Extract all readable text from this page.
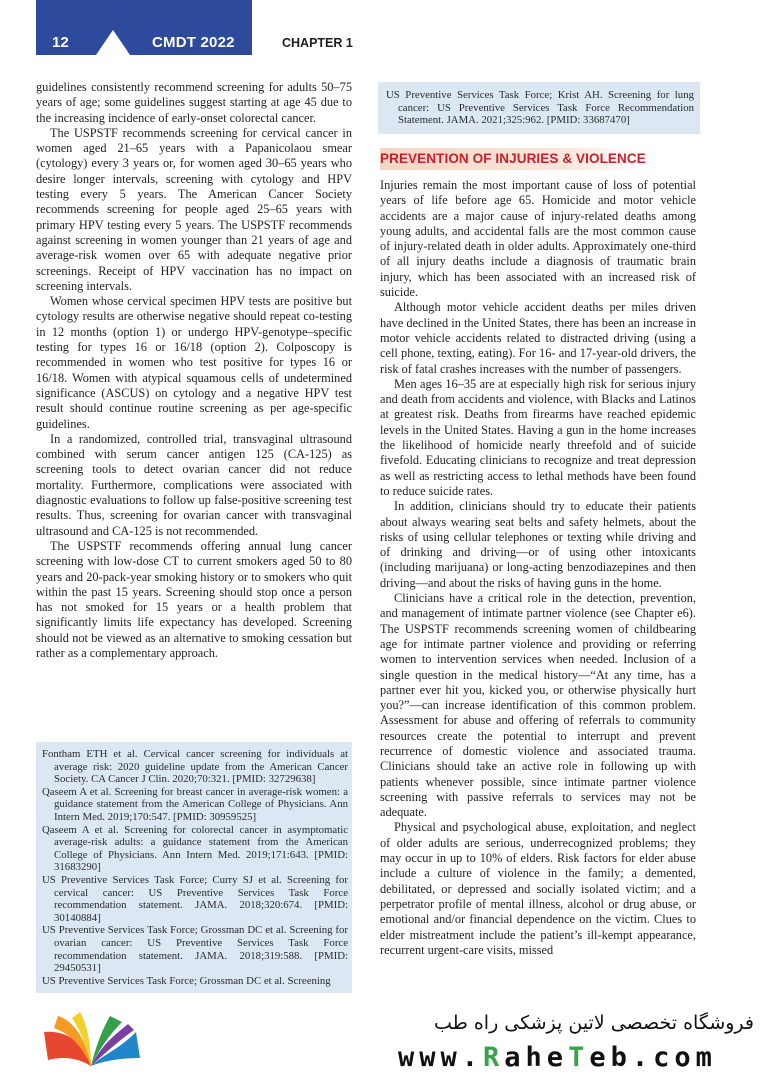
12	CMDT 2022	CHAPTER 1

guidelines consistently recommend screening for adults 50–75 years of age; some guidelines suggest starting at age 45 due to the increasing incidence of early-onset colorectal cancer.

The USPSTF recommends screening for cervical cancer in women aged 21–65 years with a Papanicolaou smear (cytology) every 3 years or, for women aged 30–65 years who desire longer intervals, screening with cytology and HPV testing every 5 years. The American Cancer Society recommends screening for people aged 25–65 years with primary HPV testing every 5 years. The USPSTF recommends against screening in women younger than 21 years of age and average-risk women over 65 with adequate negative prior screenings. Receipt of HPV vaccination has no impact on screening intervals.

Women whose cervical specimen HPV tests are positive but cytology results are otherwise negative should repeat co-testing in 12 months (option 1) or undergo HPV-genotype–specific testing for types 16 or 16/18 (option 2). Colposcopy is recommended in women who test positive for types 16 or 16/18. Women with atypical squamous cells of undetermined significance (ASCUS) on cytology and a negative HPV test result should continue routine screening as per age-specific guidelines.

In a randomized, controlled trial, transvaginal ultrasound combined with serum cancer antigen 125 (CA-125) as screening tools to detect ovarian cancer did not reduce mortality. Furthermore, complications were associated with diagnostic evaluations to follow up false-positive screening test results. Thus, screening for ovarian cancer with transvaginal ultrasound and CA-125 is not recommended.

The USPSTF recommends offering annual lung cancer screening with low-dose CT to current smokers aged 50 to 80 years and 20-pack-year smoking history or to smokers who quit within the past 15 years. Screening should stop once a person has not smoked for 15 years or a health problem that significantly limits life expectancy has developed. Screening should not be viewed as an alternative to smoking cessation but rather as a complementary approach.

Fontham ETH et al. Cervical cancer screening for individuals at average risk: 2020 guideline update from the American Cancer Society. CA Cancer J Clin. 2020;70:321. [PMID: 32729638]

Qaseem A et al. Screening for breast cancer in average-risk women: a guidance statement from the American College of Physicians. Ann Intern Med. 2019;170:547. [PMID: 30959525]

Qaseem A et al. Screening for colorectal cancer in asymptomatic average-risk adults: a guidance statement from the American College of Physicians. Ann Intern Med. 2019;171:643. [PMID: 31683290]

US Preventive Services Task Force; Curry SJ et al. Screening for cervical cancer: US Preventive Services Task Force recommendation statement. JAMA. 2018;320:674. [PMID: 30140884]

US Preventive Services Task Force; Grossman DC et al. Screening for ovarian cancer: US Preventive Services Task Force recommendation statement. JAMA. 2018;319:588. [PMID: 29450531]

US Preventive Services Task Force; Grossman DC et al. Screening

US Preventive Services Task Force; Krist AH. Screening for lung cancer: US Preventive Services Task Force Recommendation Statement. JAMA. 2021;325:962. [PMID: 33687470]

PREVENTION OF INJURIES & VIOLENCE

Injuries remain the most important cause of loss of potential years of life before age 65. Homicide and motor vehicle accidents are a major cause of injury-related deaths among young adults, and accidental falls are the most common cause of injury-related death in older adults. Approximately one-third of all injury deaths include a diagnosis of traumatic brain injury, which has been associated with an increased risk of suicide.

Although motor vehicle accident deaths per miles driven have declined in the United States, there has been an increase in motor vehicle accidents related to distracted driving (using a cell phone, texting, eating). For 16- and 17-year-old drivers, the risk of fatal crashes increases with the number of passengers.

Men ages 16–35 are at especially high risk for serious injury and death from accidents and violence, with Blacks and Latinos at greatest risk. Deaths from firearms have reached epidemic levels in the United States. Having a gun in the home increases the likelihood of homicide nearly threefold and of suicide fivefold. Educating clinicians to recognize and treat depression as well as restricting access to lethal methods have been found to reduce suicide rates.

In addition, clinicians should try to educate their patients about always wearing seat belts and safety helmets, about the risks of using cellular telephones or texting while driving and of drinking and driving—or of using other intoxicants (including marijuana) or long-acting benzodiazepines and then driving—and about the risks of having guns in the home.

Clinicians have a critical role in the detection, prevention, and management of intimate partner violence (see Chapter e6). The USPSTF recommends screening women of childbearing age for intimate partner violence and providing or referring women to intervention services when needed. Inclusion of a single question in the medical history—“At any time, has a partner ever hit you, kicked you, or otherwise physically hurt you?”—can increase identification of this common problem. Assessment for abuse and offering of referrals to community resources create the potential to interrupt and prevent recurrence of domestic violence and associated trauma. Clinicians should take an active role in following up with patients whenever possible, since intimate partner violence screening with passive referrals to services may not be adequate.

Physical and psychological abuse, exploitation, and neglect of older adults are serious, underrecognized problems; they may occur in up to 10% of elders. Risk factors for elder abuse include a culture of violence in the family; a demented, debilitated, or depressed and socially isolated victim; and a perpetrator profile of mental illness, alcohol or drug abuse, or emotional and/or financial dependence on the victim. Clues to elder mistreatment include the patient’s ill-kempt appearance, recurrent urgent-care visits, missed

فروشگاه تخصصی لاتین پزشکی راه طب
www.RaheTeb.com
